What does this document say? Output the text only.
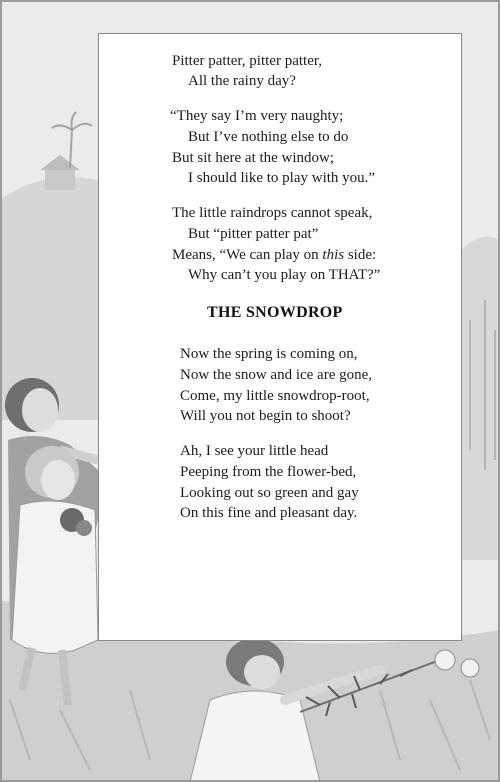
Pitter patter, pitter patter,
All the rainy day?
“They say I’m very naughty;
But I’ve nothing else to do
But sit here at the window;
I should like to play with you.”
The little raindrops cannot speak,
But “pitter patter pat”
Means, “We can play on this side:
Why can’t you play on THAT?”
THE SNOWDROP
Now the spring is coming on,
Now the snow and ice are gone,
Come, my little snowdrop-root,
Will you not begin to shoot?
Ah, I see your little head
Peeping from the flower-bed,
Looking out so green and gay
On this fine and pleasant day.
